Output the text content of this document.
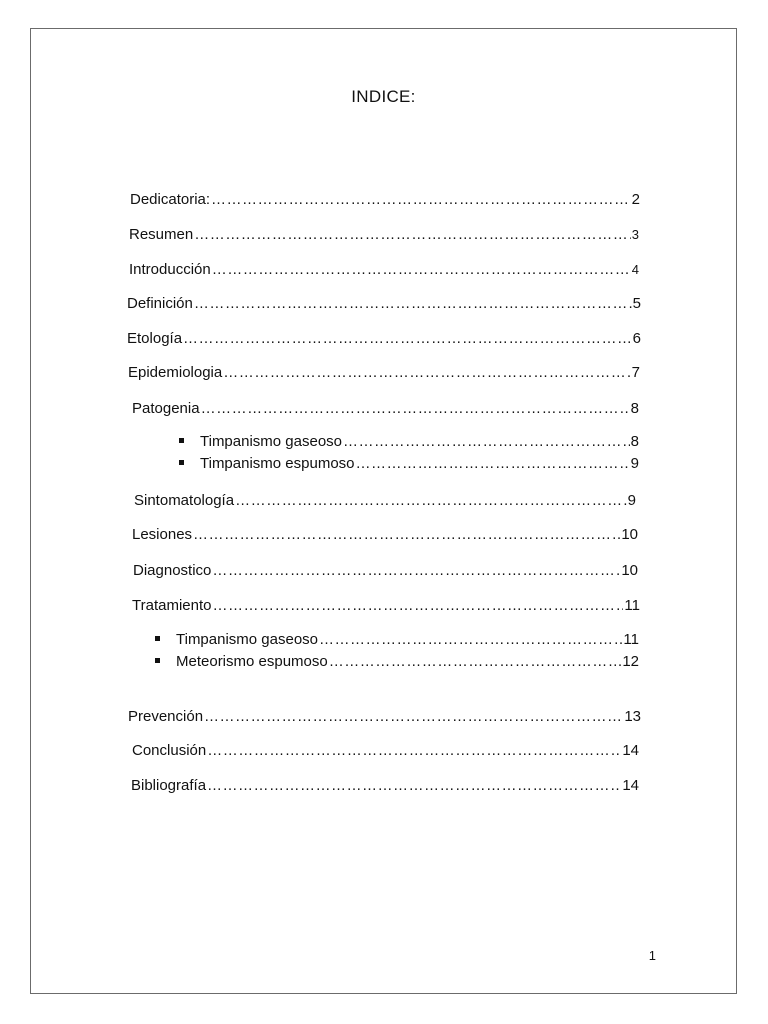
INDICE:
Dedicatoria: ………………………………………………………………………………………………………………………………………………………………………	2
Resumen ………………………………………………………………………………………………………………………………………………………………………	3
Introducción ………………………………………………………………………………………………………………………………………………………………………	4
Definición ………………………………………………………………………………………………………………………………………………………………………	5
Etología ………………………………………………………………………………………………………………………………………………………………………	6
Epidemiologia ………………………………………………………………………………………………………………………………………………………………………	7
Patogenia ………………………………………………………………………………………………………………………………………………………………………	8
Timpanismo gaseoso ………………………………………………………………………………………………………………………………………………………………………	8
Timpanismo espumoso ………………………………………………………………………………………………………………………………………………………………………	9
Sintomatología ………………………………………………………………………………………………………………………………………………………………………	9
Lesiones ………………………………………………………………………………………………………………………………………………………………………	10
Diagnostico ………………………………………………………………………………………………………………………………………………………………………	10
Tratamiento ………………………………………………………………………………………………………………………………………………………………………	11
Timpanismo gaseoso ………………………………………………………………………………………………………………………………………………………………………	11
Meteorismo espumoso ………………………………………………………………………………………………………………………………………………………………………	12
Prevención ………………………………………………………………………………………………………………………………………………………………………	13
Conclusión ………………………………………………………………………………………………………………………………………………………………………	14
Bibliografía ………………………………………………………………………………………………………………………………………………………………………	14
1
